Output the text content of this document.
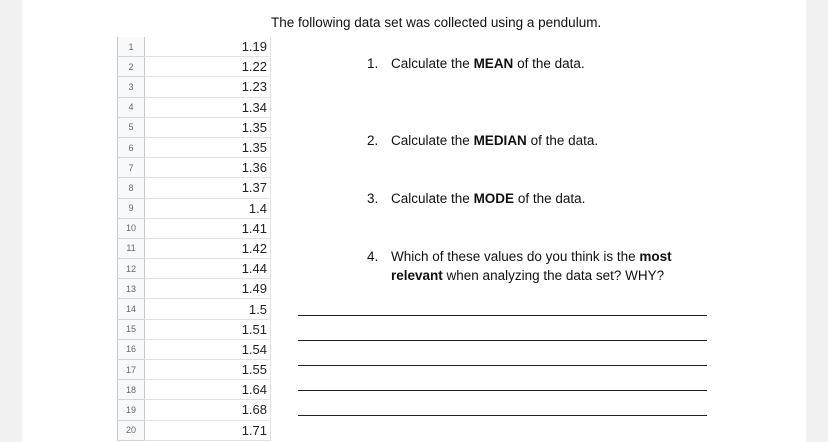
1	1.19
2	1.22
3	1.23
4	1.34
5	1.35
6	1.35
7	1.36
8	1.37
9	1.4
10	1.41
11	1.42
12	1.44
13	1.49
14	1.5
15	1.51
16	1.54
17	1.55
18	1.64
19	1.68
20	1.71
The following data set was collected using a pendulum.
1. Calculate the MEAN of the data.
2. Calculate the MEDIAN of the data.
3. Calculate the MODE of the data.
4. Which of these values do you think is the most relevant when analyzing the data set? WHY?
